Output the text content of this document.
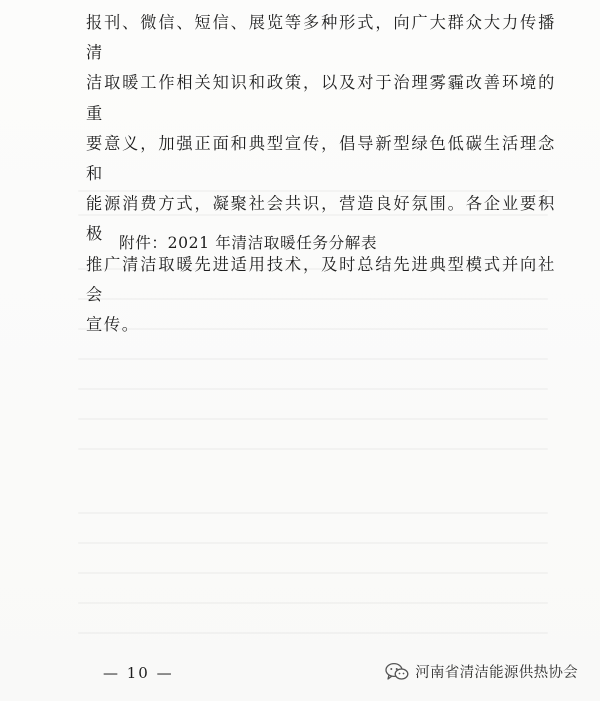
报刊、微信、短信、展览等多种形式，向广大群众大力传播清
洁取暖工作相关知识和政策，以及对于治理雾霾改善环境的重
要意义，加强正面和典型宣传，倡导新型绿色低碳生活理念和
能源消费方式，凝聚社会共识，营造良好氛围。各企业要积极
推广清洁取暖先进适用技术，及时总结先进典型模式并向社会
宣传。

附件：2021 年清洁取暖任务分解表

— 10 —	河南省清洁能源供热协会
